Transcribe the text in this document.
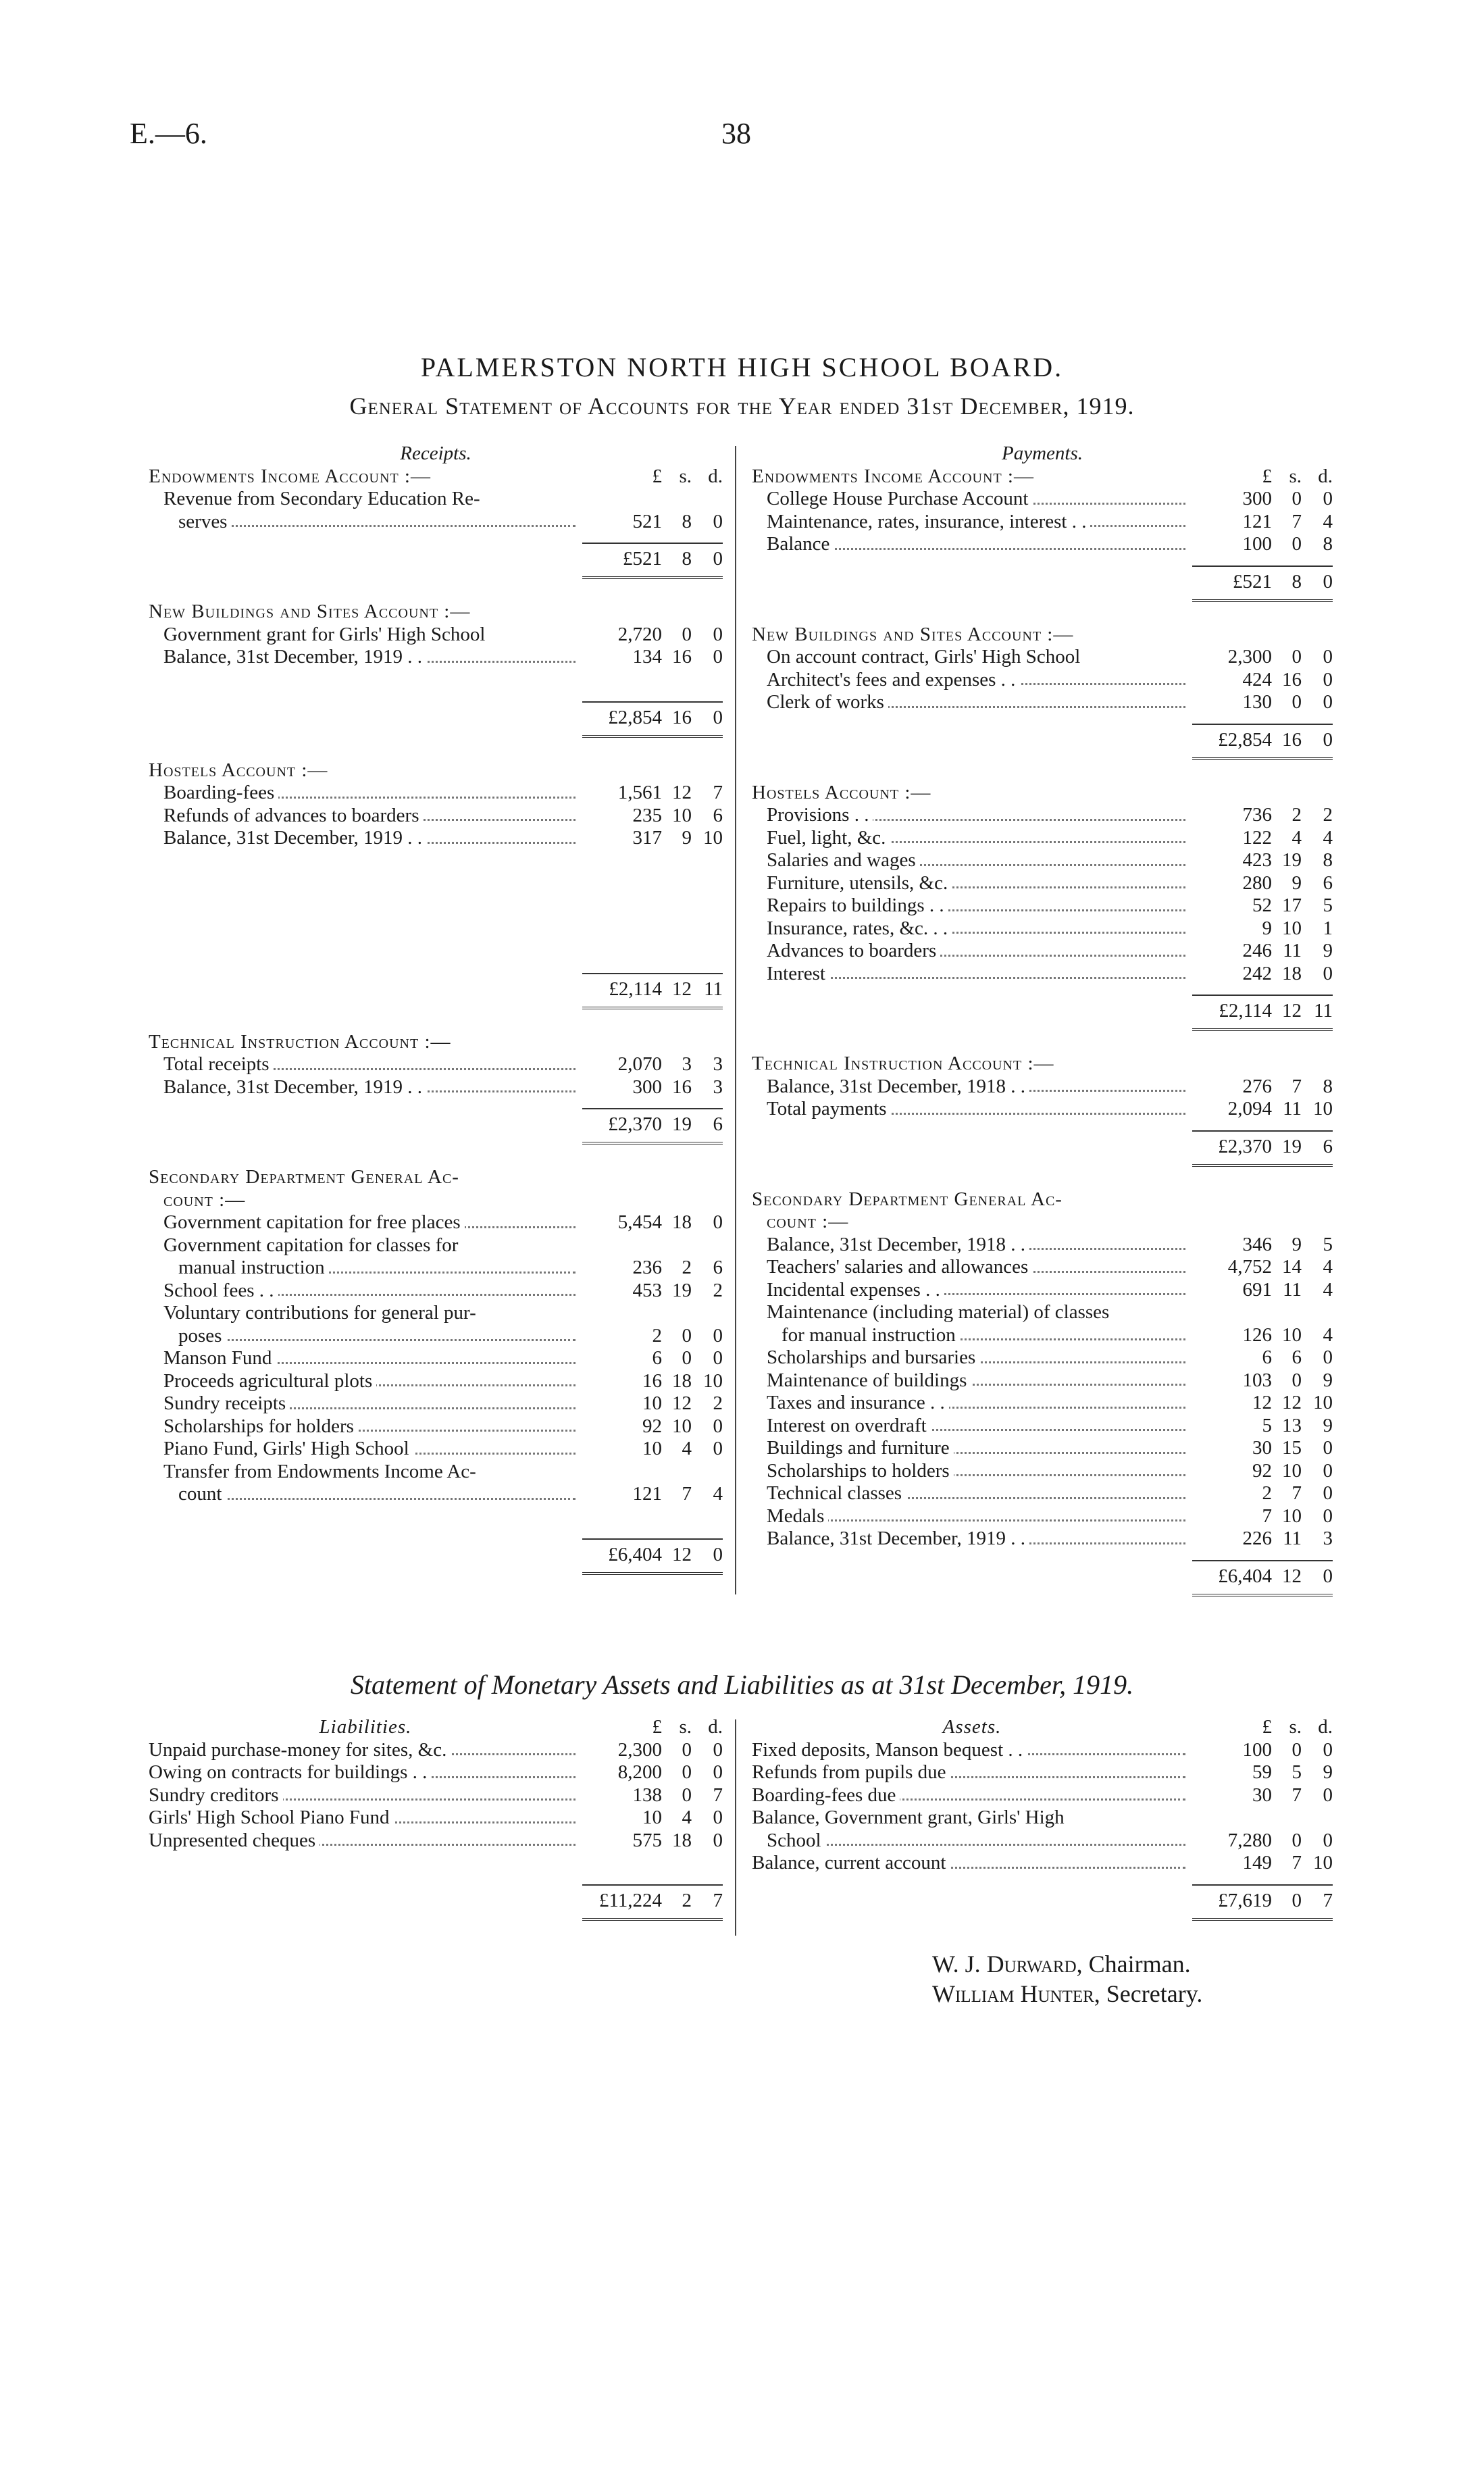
E.—6.	38
PALMERSTON NORTH HIGH SCHOOL BOARD.
General Statement of Accounts for the Year ended 31st December, 1919.
Receipts.
Endowments Income Account :—	£ s. d.
Revenue from Secondary Education Re-
serves	521	8	0
£521	8	0
New Buildings and Sites Account :—
Government grant for Girls' High School	2,720	0	0
Balance, 31st December, 1919 . .	134 16	0
£2,854 16	0
Hostels Account :—
Boarding-fees	1,561 12	7
Refunds of advances to boarders	235 10	6
Balance, 31st December, 1919 . .	317	9 10
£2,114 12 11
Technical Instruction Account :—
Total receipts	2,070	3	3
Balance, 31st December, 1919 . .	300 16	3
£2,370 19	6
Secondary Department General Ac-
count :—
Government capitation for free places	5,454 18	0
Government capitation for classes for
manual instruction	236	2	6
School fees . .	453 19	2
Voluntary contributions for general pur-
poses	2	0	0
Manson Fund	6	0	0
Proceeds agricultural plots	16 18 10
Sundry receipts	10 12	2
Scholarships for holders	92 10	0
Piano Fund, Girls' High School	10	4	0
Transfer from Endowments Income Ac-
count	121	7	4
£6,404 12	0
Payments.
Endowments Income Account :—	£ s. d.
College House Purchase Account	300	0	0
Maintenance, rates, insurance, interest . .	121	7	4
Balance	100	0	8
£521	8	0
New Buildings and Sites Account :—
On account contract, Girls' High School	2,300	0	0
Architect's fees and expenses . .	424 16	0
Clerk of works	130	0	0
£2,854 16	0
Hostels Account :—
Provisions . .	736	2	2
Fuel, light, &c.	122	4	4
Salaries and wages	423 19	8
Furniture, utensils, &c.	280	9	6
Repairs to buildings . .	52 17	5
Insurance, rates, &c. . .	9 10	1
Advances to boarders	246 11	9
Interest	242 18	0
£2,114 12 11
Technical Instruction Account :—
Balance, 31st December, 1918 . .	276	7	8
Total payments	2,094 11 10
£2,370 19	6
Secondary Department General Ac-
count :—
Balance, 31st December, 1918 . .	346	9	5
Teachers' salaries and allowances	4,752 14	4
Incidental expenses . .	691 11	4
Maintenance (including material) of classes
for manual instruction	126 10	4
Scholarships and bursaries	6	6	0
Maintenance of buildings	103	0	9
Taxes and insurance . .	12 12 10
Interest on overdraft	5 13	9
Buildings and furniture	30 15	0
Scholarships to holders	92 10	0
Technical classes	2	7	0
Medals	7 10	0
Balance, 31st December, 1919 . .	226 11	3
£6,404 12	0
Statement of Monetary Assets and Liabilities as at 31st December, 1919.
Liabilities.	£ s. d.
Unpaid purchase-money for sites, &c.	2,300	0	0
Owing on contracts for buildings . .	8,200	0	0
Sundry creditors	138	0	7
Girls' High School Piano Fund	10	4	0
Unpresented cheques	575 18	0
£11,224	2	7
Assets.	£ s. d.
Fixed deposits, Manson bequest . .	100	0	0
Refunds from pupils due	59	5	9
Boarding-fees due	30	7	0
Balance, Government grant, Girls' High
School	7,280	0	0
Balance, current account	149	7 10
£7,619	0	7
W. J. Durward, Chairman.
William Hunter, Secretary.
